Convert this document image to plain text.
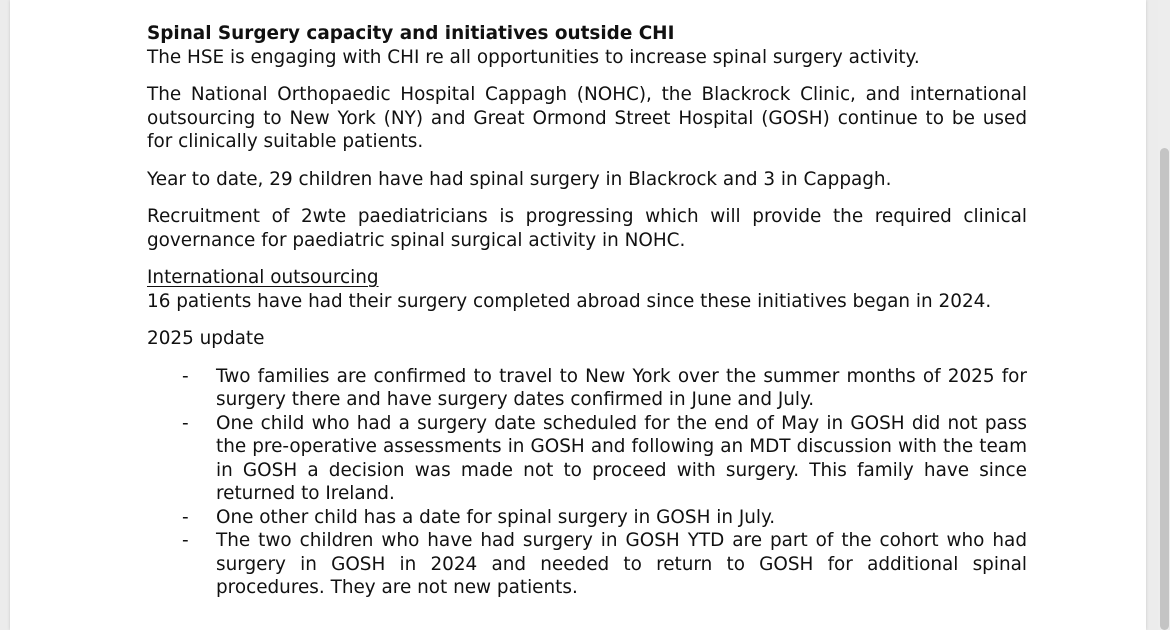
Spinal Surgery capacity and initiatives outside CHI

The HSE is engaging with CHI re all opportunities to increase spinal surgery activity.

The National Orthopaedic Hospital Cappagh (NOHC), the Blackrock Clinic, and international outsourcing to New York (NY) and Great Ormond Street Hospital (GOSH) continue to be used for clinically suitable patients.

Year to date, 29 children have had spinal surgery in Blackrock and 3 in Cappagh.

Recruitment of 2wte paediatricians is progressing which will provide the required clinical governance for paediatric spinal surgical activity in NOHC.

International outsourcing

16 patients have had their surgery completed abroad since these initiatives began in 2024.

2025 update

- Two families are confirmed to travel to New York over the summer months of 2025 for surgery there and have surgery dates confirmed in June and July.
- One child who had a surgery date scheduled for the end of May in GOSH did not pass the pre-operative assessments in GOSH and following an MDT discussion with the team in GOSH a decision was made not to proceed with surgery. This family have since returned to Ireland.
- One other child has a date for spinal surgery in GOSH in July.
- The two children who have had surgery in GOSH YTD are part of the cohort who had surgery in GOSH in 2024 and needed to return to GOSH for additional spinal procedures. They are not new patients.
